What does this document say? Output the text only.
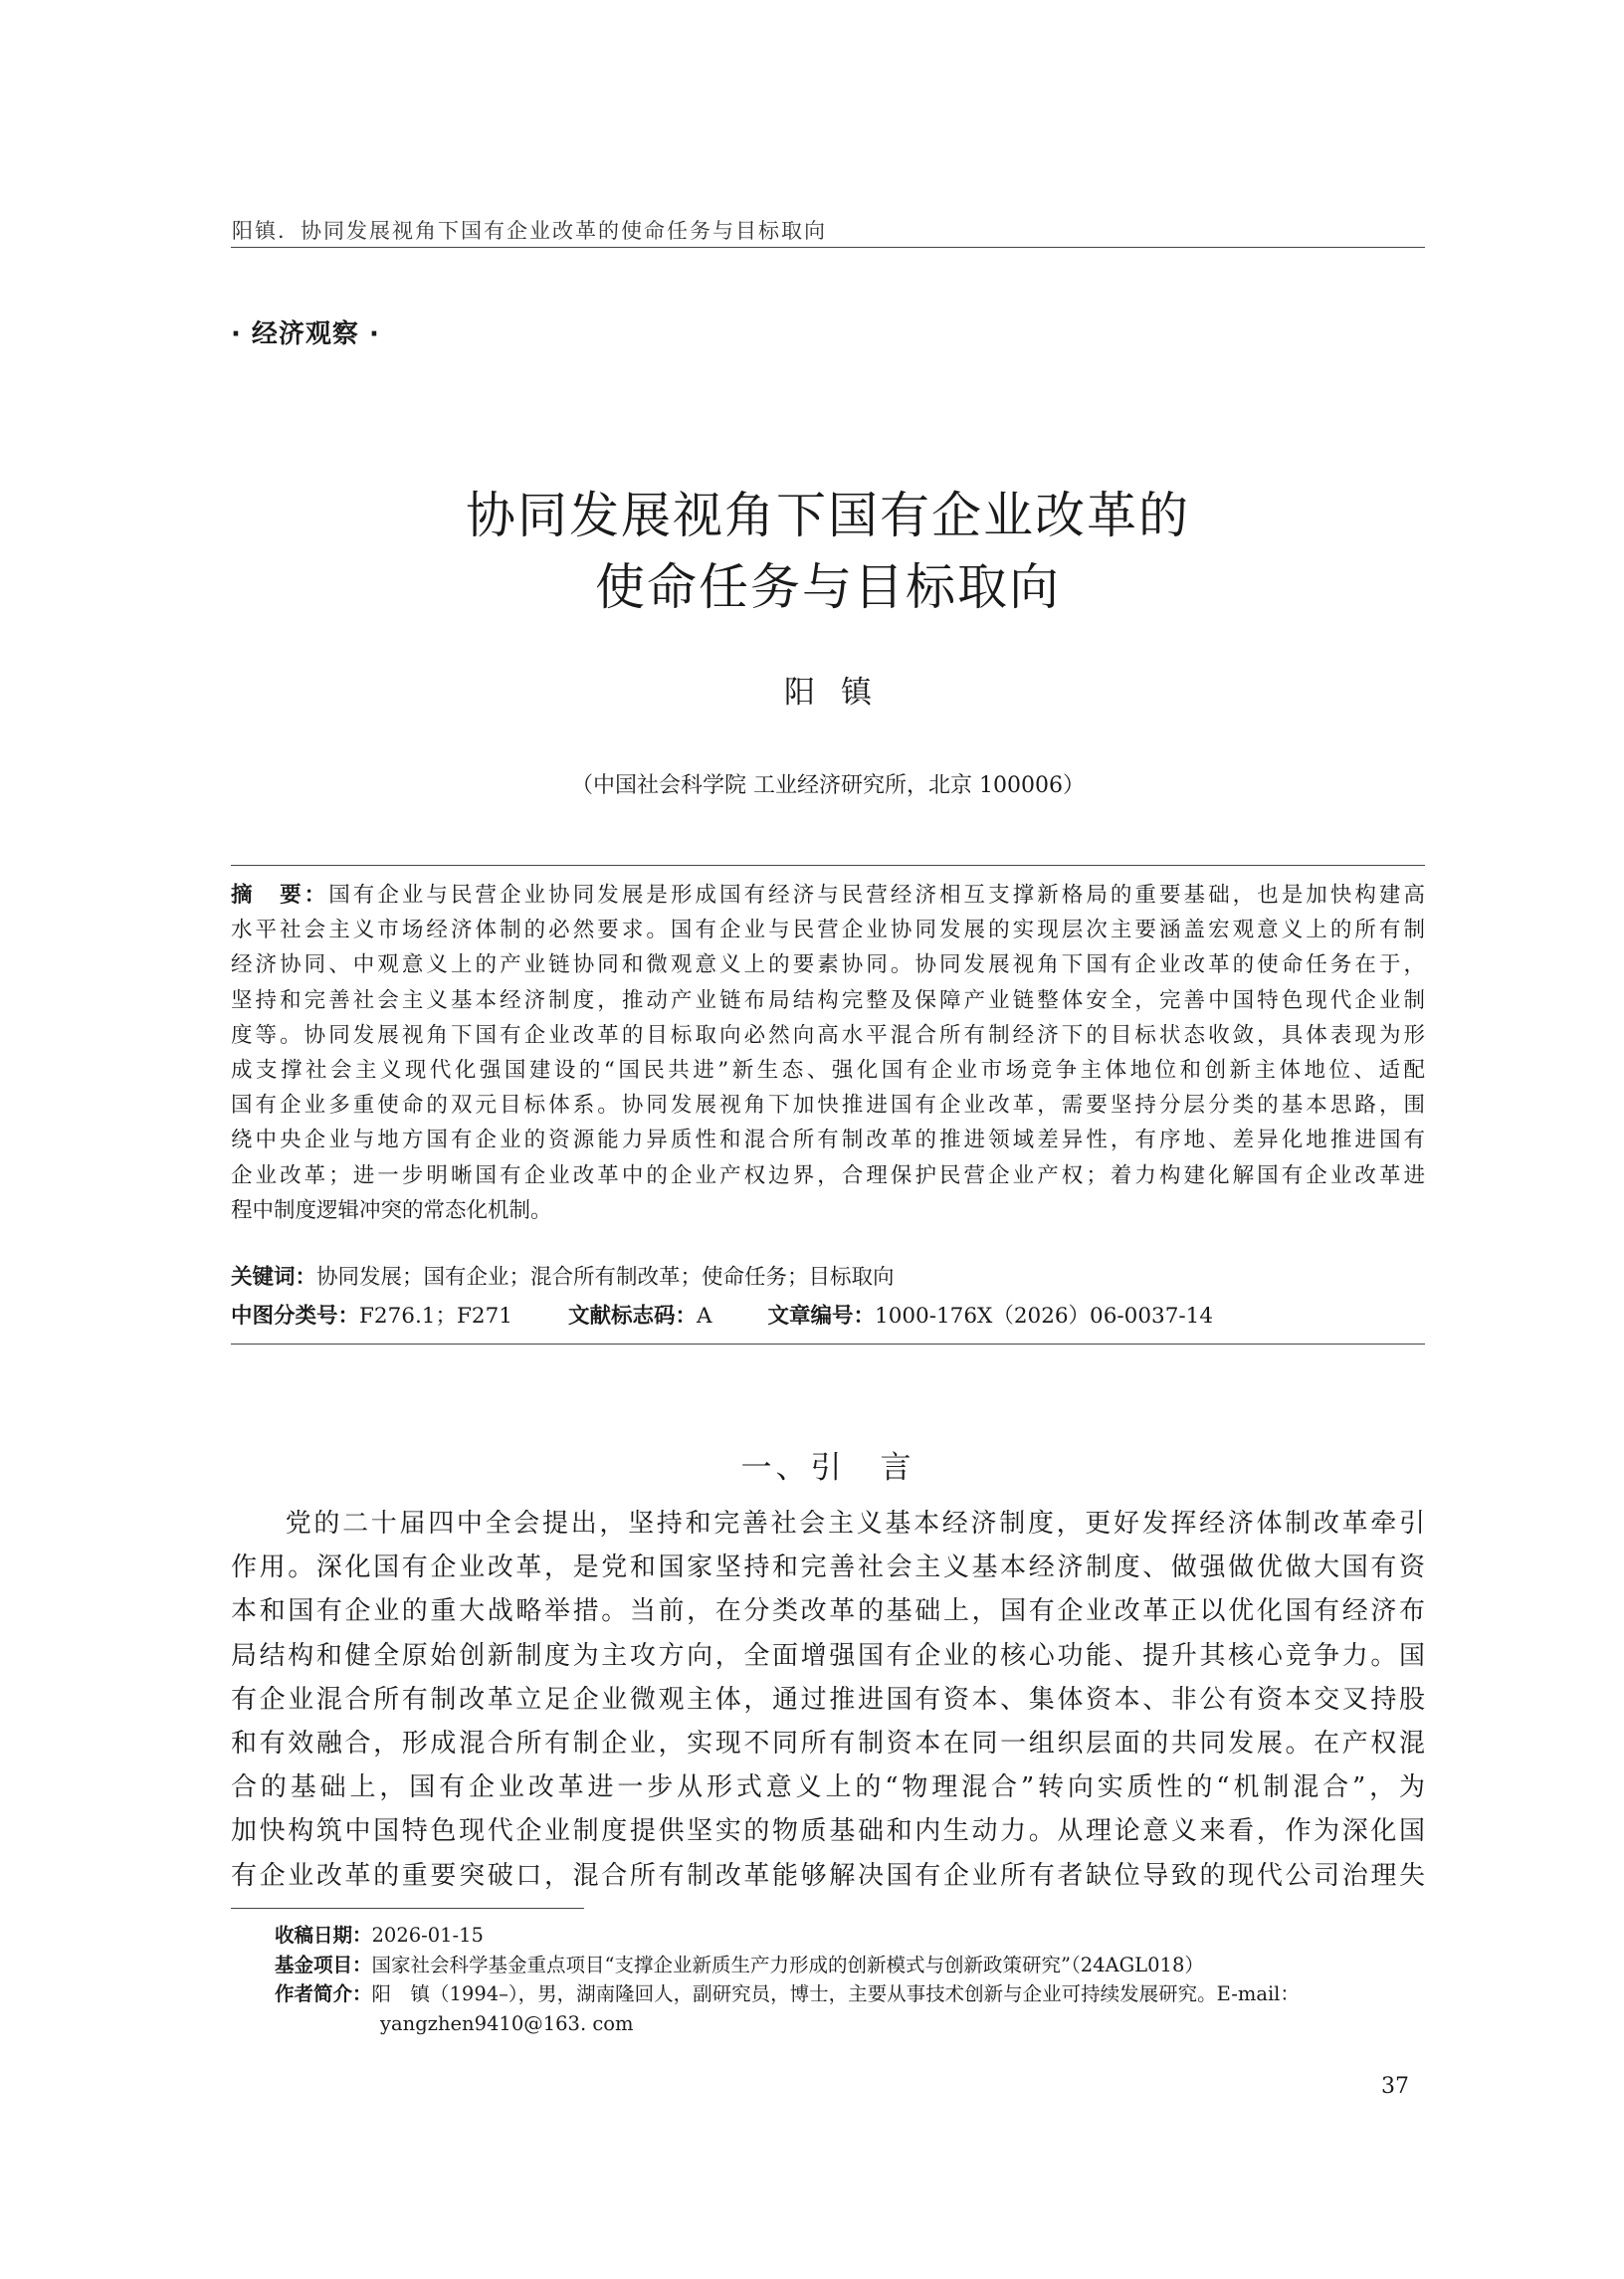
阳镇．协同发展视角下国有企业改革的使命任务与目标取向
· 经济观察 ·
协同发展视角下国有企业改革的
使命任务与目标取向
阳镇
（中国社会科学院 工业经济研究所，北京 100006）
摘　要：国有企业与民营企业协同发展是形成国有经济与民营经济相互支撑新格局的重要基础，也是加快构建高
水平社会主义市场经济体制的必然要求。国有企业与民营企业协同发展的实现层次主要涵盖宏观意义上的所有制
经济协同、中观意义上的产业链协同和微观意义上的要素协同。协同发展视角下国有企业改革的使命任务在于，
坚持和完善社会主义基本经济制度，推动产业链布局结构完整及保障产业链整体安全，完善中国特色现代企业制
度等。协同发展视角下国有企业改革的目标取向必然向高水平混合所有制经济下的目标状态收敛，具体表现为形
成支撑社会主义现代化强国建设的“国民共进”新生态、强化国有企业市场竞争主体地位和创新主体地位、适配
国有企业多重使命的双元目标体系。协同发展视角下加快推进国有企业改革，需要坚持分层分类的基本思路，围
绕中央企业与地方国有企业的资源能力异质性和混合所有制改革的推进领域差异性，有序地、差异化地推进国有
企业改革；进一步明晰国有企业改革中的企业产权边界，合理保护民营企业产权；着力构建化解国有企业改革进
程中制度逻辑冲突的常态化机制。
关键词：协同发展；国有企业；混合所有制改革；使命任务；目标取向
中图分类号：F276.1；F271	文献标志码：A	文章编号：1000-176X（2026）06-0037-14
一、引　言
党的二十届四中全会提出，坚持和完善社会主义基本经济制度，更好发挥经济体制改革牵引
作用。深化国有企业改革，是党和国家坚持和完善社会主义基本经济制度、做强做优做大国有资
本和国有企业的重大战略举措。当前，在分类改革的基础上，国有企业改革正以优化国有经济布
局结构和健全原始创新制度为主攻方向，全面增强国有企业的核心功能、提升其核心竞争力。国
有企业混合所有制改革立足企业微观主体，通过推进国有资本、集体资本、非公有资本交叉持股
和有效融合，形成混合所有制企业，实现不同所有制资本在同一组织层面的共同发展。在产权混
合的基础上，国有企业改革进一步从形式意义上的“物理混合”转向实质性的“机制混合”，为
加快构筑中国特色现代企业制度提供坚实的物质基础和内生动力。从理论意义来看，作为深化国
有企业改革的重要突破口，混合所有制改革能够解决国有企业所有者缺位导致的现代公司治理失
收稿日期： 2026-01-15
基金项目： 国家社会科学基金重点项目“支撑企业新质生产力形成的创新模式与创新政策研究”（24AGL018）
作者简介： 阳　镇（1994–），男，湖南隆回人，副研究员，博士，主要从事技术创新与企业可持续发展研究。E-mail：
yangzhen9410@163. com
37
